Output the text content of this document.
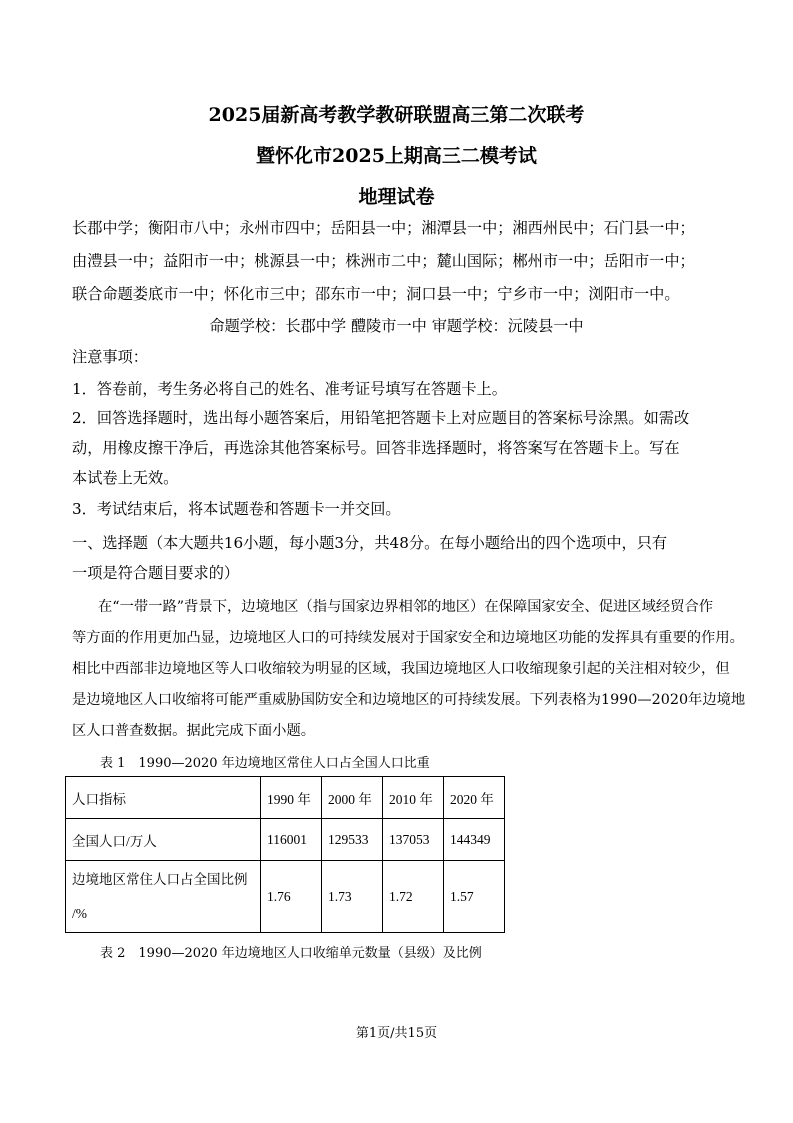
2025届新高考教学教研联盟高三第二次联考
暨怀化市2025上期高三二模考试
地理试卷
长郡中学；衡阳市八中；永州市四中；岳阳县一中；湘潭县一中；湘西州民中；石门县一中；
由澧县一中；益阳市一中；桃源县一中；株洲市二中；麓山国际；郴州市一中；岳阳市一中；
联合命题娄底市一中；怀化市三中；邵东市一中；洞口县一中；宁乡市一中；浏阳市一中。
命题学校：长郡中学 醴陵市一中 审题学校：沅陵县一中
注意事项：
1．答卷前，考生务必将自己的姓名、准考证号填写在答题卡上。
2．回答选择题时，选出每小题答案后，用铅笔把答题卡上对应题目的答案标号涂黑。如需改
动，用橡皮擦干净后，再选涂其他答案标号。回答非选择题时，将答案写在答题卡上。写在
本试卷上无效。
3．考试结束后，将本试题卷和答题卡一并交回。
一、选择题（本大题共16小题，每小题3分，共48分。在每小题给出的四个选项中，只有
一项是符合题目要求的）
在“一带一路”背景下，边境地区（指与国家边界相邻的地区）在保障国家安全、促进区域经贸合作
等方面的作用更加凸显，边境地区人口的可持续发展对于国家安全和边境地区功能的发挥具有重要的作用。
相比中西部非边境地区等人口收缩较为明显的区域，我国边境地区人口收缩现象引起的关注相对较少，但
是边境地区人口收缩将可能严重威胁国防安全和边境地区的可持续发展。下列表格为1990—2020年边境地
区人口普查数据。据此完成下面小题。
表 1　1990—2020 年边境地区常住人口占全国人口比重
人口指标	1990 年	2000 年	2010 年	2020 年
全国人口/万人	116001	129533	137053	144349

边境地区常住人口占全国比例
/%	1.76	1.73	1.72	1.57
表 2　1990—2020 年边境地区人口收缩单元数量（县级）及比例
第1页/共15页
